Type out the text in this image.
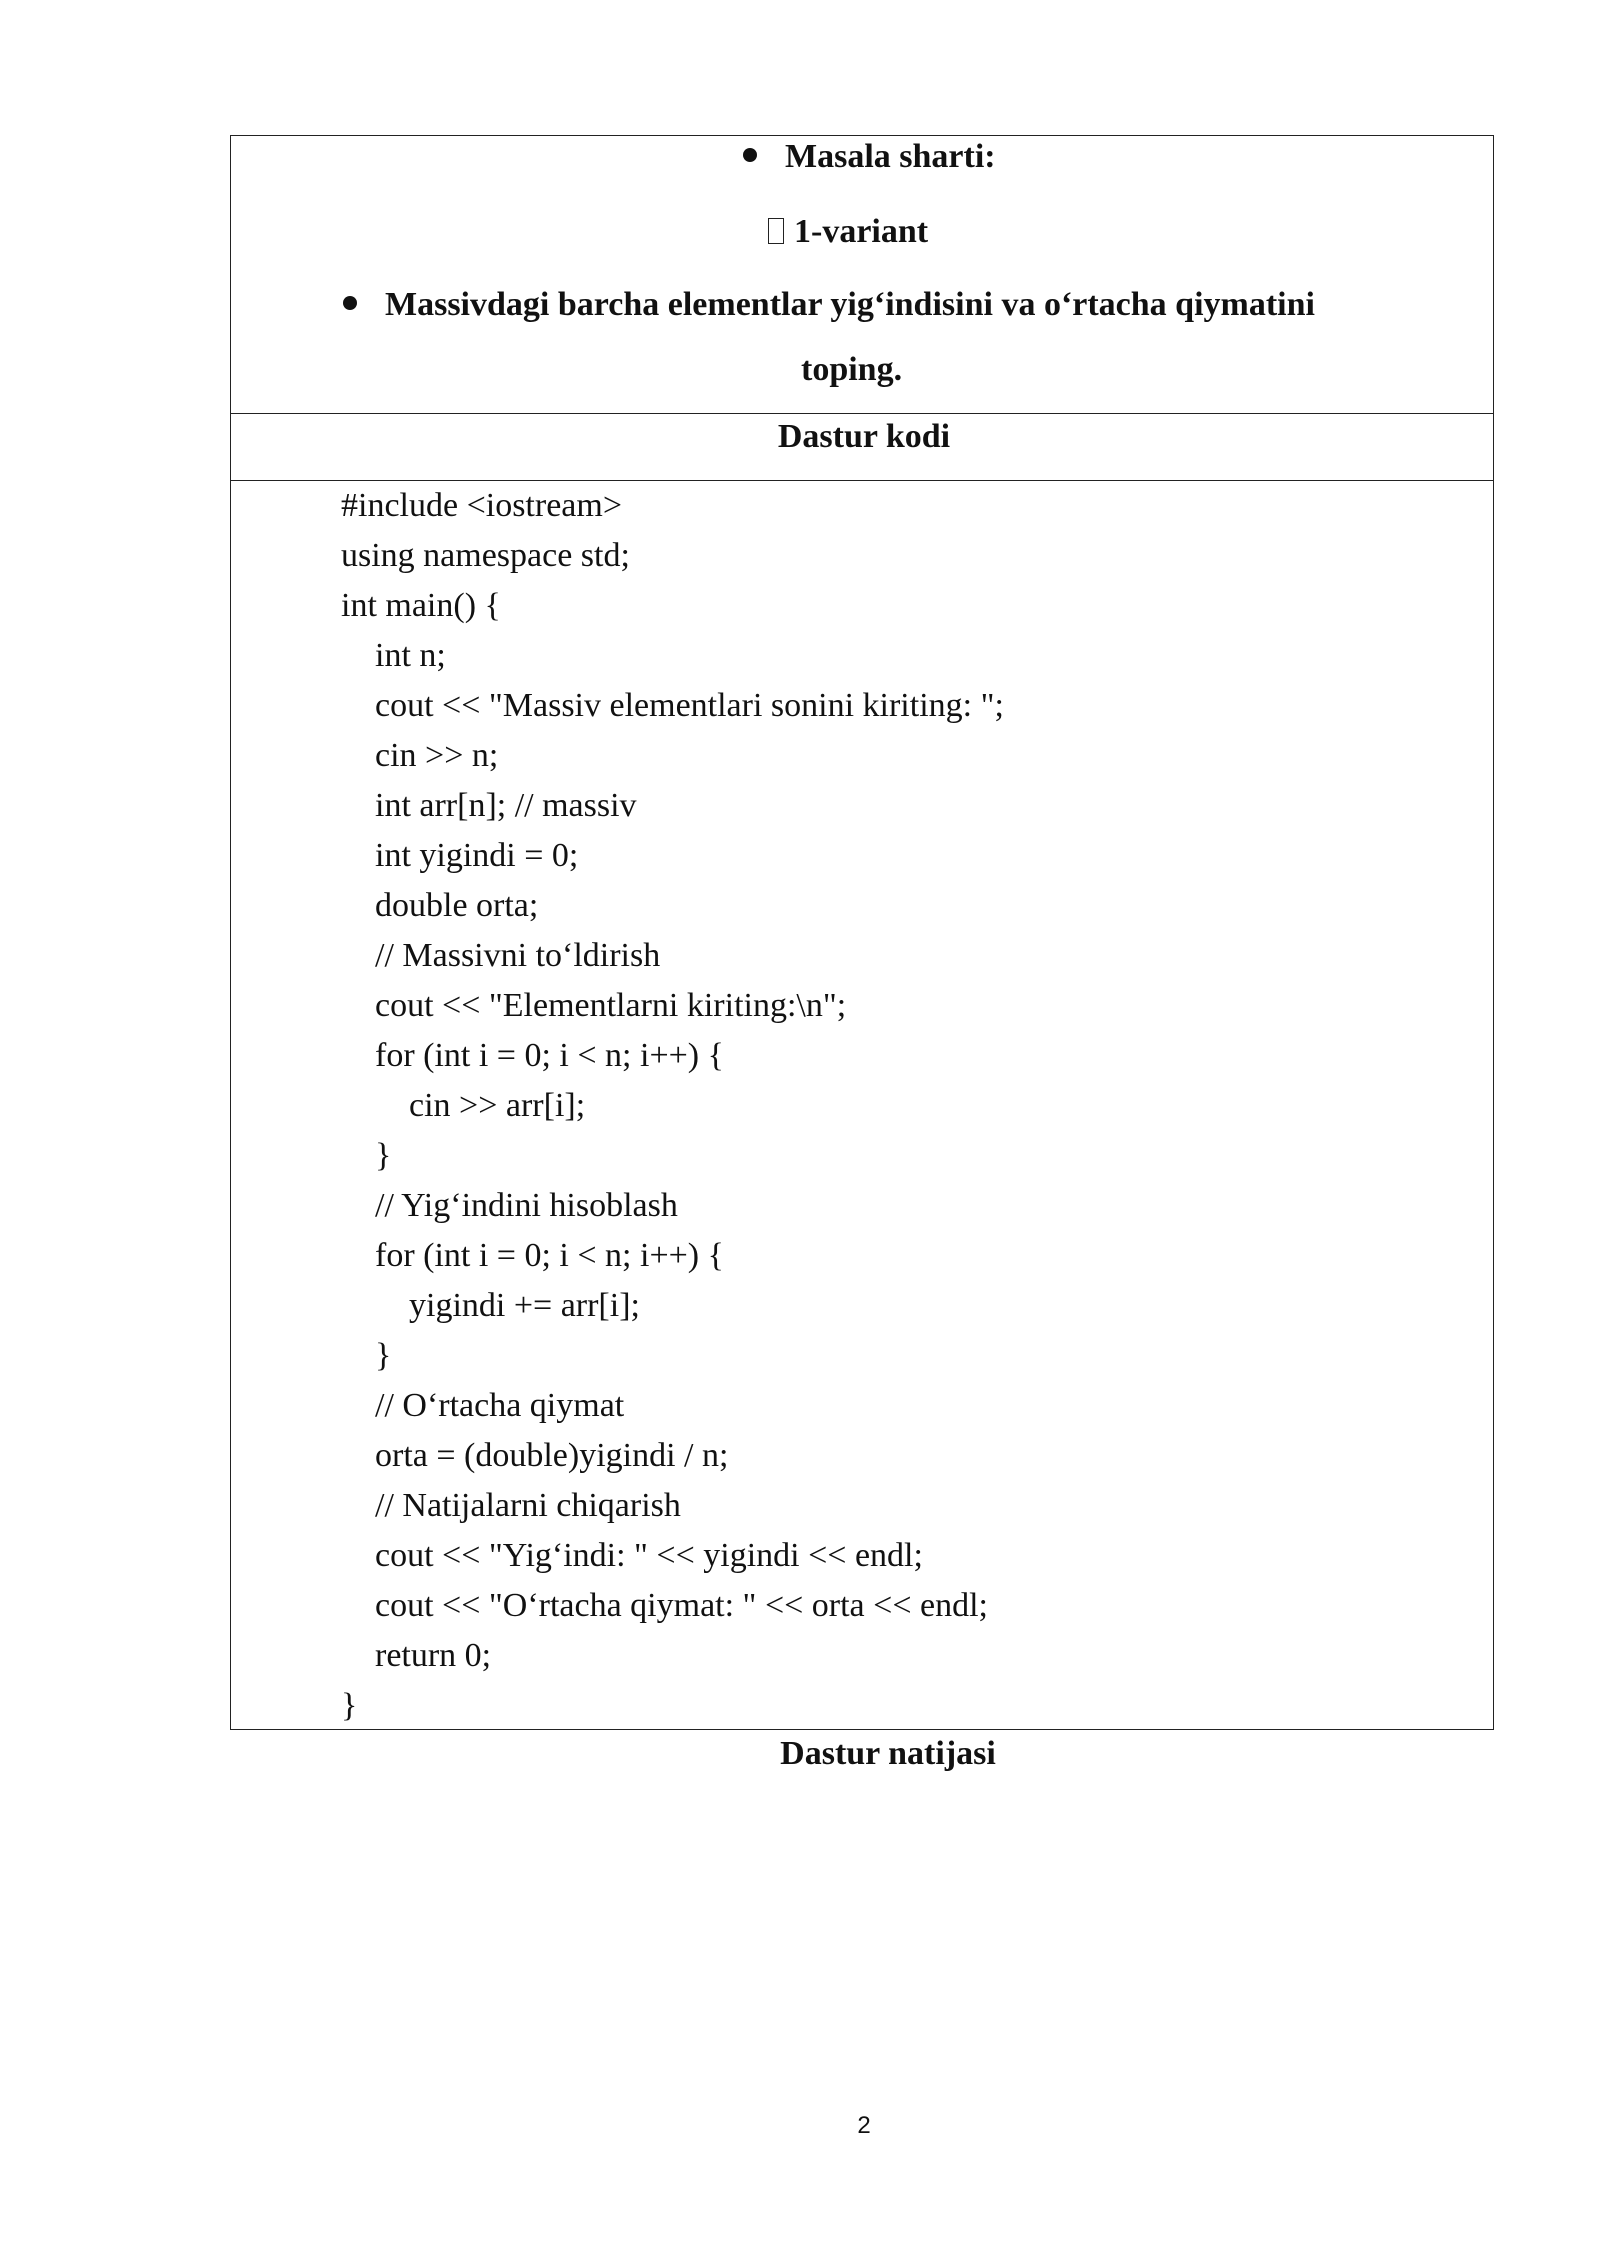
Masala sharti:
1-variant
Massivdagi barcha elementlar yig‘indisini va o‘rtacha qiymatini
toping.
Dastur kodi
#include <iostream>
using namespace std;
int main() {
int n;
cout << "Massiv elementlari sonini kiriting: ";
cin >> n;
int arr[n]; // massiv
int yigindi = 0;
double orta;
// Massivni to‘ldirish
cout << "Elementlarni kiriting:\n";
for (int i = 0; i < n; i++) {
cin >> arr[i];
}
// Yig‘indini hisoblash
for (int i = 0; i < n; i++) {
yigindi += arr[i];
}
// O‘rtacha qiymat
orta = (double)yigindi / n;
// Natijalarni chiqarish
cout << "Yig‘indi: " << yigindi << endl;
cout << "O‘rtacha qiymat: " << orta << endl;
return 0;
}
Dastur natijasi
2
